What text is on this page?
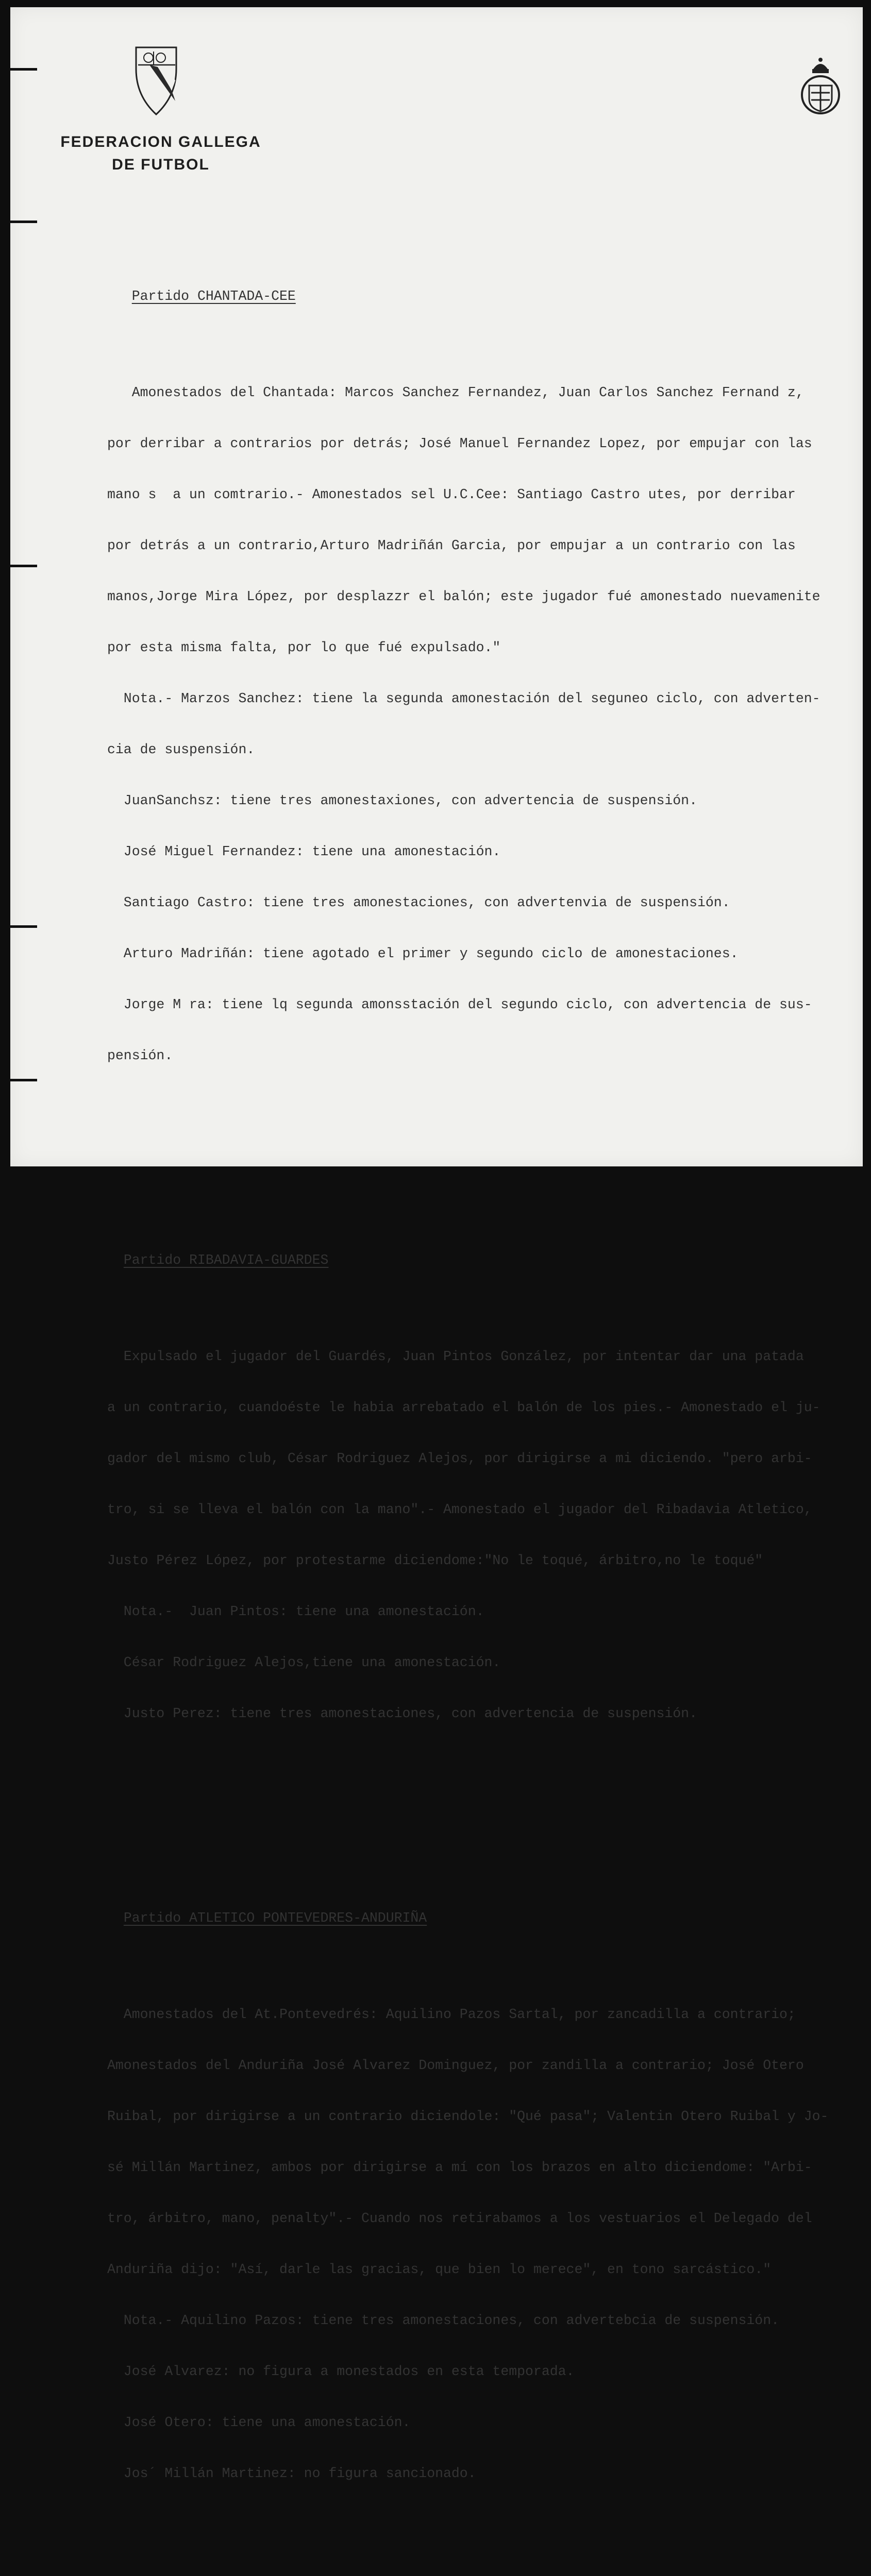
FEDERACION GALLEGA
DE FUTBOL

Partido CHANTADA-CEE

Amonestados del Chantada: Marcos Sanchez Fernandez, Juan Carlos Sanchez Fernand z,

por derribar a contrarios por detrás; José Manuel Fernandez Lopez, por empujar con las

mano s  a un comtrario.- Amonestados sel U.C.Cee: Santiago Castro utes, por derribar

por detrás a un contrario,Arturo Madriñán Garcia, por empujar a un contrario con las

manos,Jorge Mira López, por desplazzr el balón; este jugador fué amonestado nuevamenite

por esta misma falta, por lo que fué expulsado."

Nota.- Marzos Sanchez: tiene la segunda amonestación del seguneo ciclo, con adverten-

cia de suspensión.

JuanSanchsz: tiene tres amonestaxiones, con advertencia de suspensión.

José Miguel Fernandez: tiene una amonestación.

Santiago Castro: tiene tres amonestaciones, con advertenvia de suspensión.

Arturo Madriñán: tiene agotado el primer y segundo ciclo de amonestaciones.

Jorge M ra: tiene lq segunda amonsstación del segundo ciclo, con advertencia de sus-

pensión.

Partido RIBADAVIA-GUARDES

Expulsado el jugador del Guardés, Juan Pintos González, por intentar dar una patada

a un contrario, cuandoéste le habia arrebatado el balón de los pies.- Amonestado el ju-

gador del mismo club, César Rodriguez Alejos, por dirigirse a mi diciendo. "pero arbi-

tro, si se lleva el balón con la mano".- Amonestado el jugador del Ribadavia Atletico,

Justo Pérez López, por protestarme diciendome:"No le toqué, árbitro,no le toqué"

Nota.-  Juan Pintos: tiene una amonestación.

César Rodriguez Alejos,tiene una amonestación.

Justo Perez: tiene tres amonestaciones, con advertencia de suspensión.

Partido ATLETICO PONTEVEDRES-ANDURIÑA

Amonestados del At.Pontevedrés: Aquilino Pazos Sartal, por zancadilla a contrario;

Amonestados del Anduriña José Alvarez Dominguez, por zandilla a contrario; José Otero

Ruibal, por dirigirse a un contrario diciendole: "Qué pasa"; Valentin Otero Ruibal y Jo-

sé Millán Martinez, ambos por dirigirse a mí con los brazos en alto diciendome: "Arbi-

tro, árbitro, mano, penalty".- Cuando nos retirabamos a los vestuarios el Delegado del

Anduriña dijo: "Así, darle las gracias, que bien lo merece", en tono sarcástico."

Nota.- Aquilino Pazos: tiene tres amonestaciones, con advertebcia de suspensión.

José Alvarez: no figura a monestados en esta temporada.

José Otero: tiene una amonestación.

Jos´ Millán Martinez: no figura sancionado.
